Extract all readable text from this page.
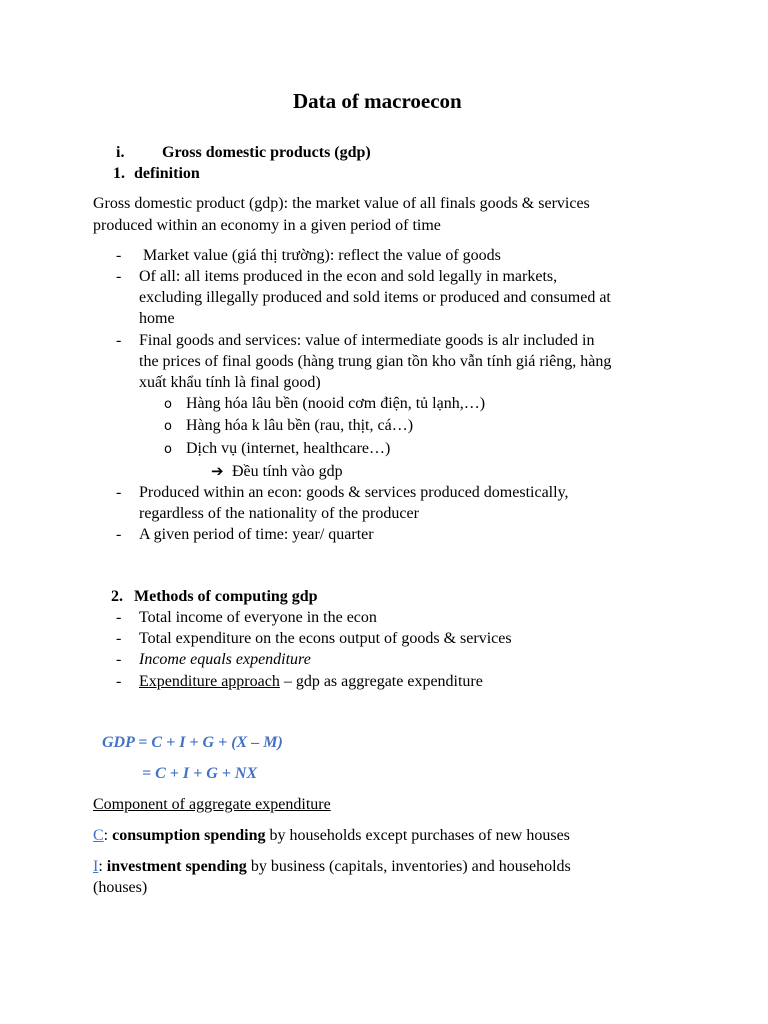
Data of macroecon
i. Gross domestic products (gdp)
1. definition
Gross domestic product (gdp): the market value of all finals goods & services
produced within an economy in a given period of time
-	Market value (giá thị trường): reflect the value of goods
-	Of all: all items produced in the econ and sold legally in markets,
excluding illegally produced and sold items or produced and consumed at
home
-	Final goods and services: value of intermediate goods is alr included in
the prices of final goods (hàng trung gian tồn kho vẫn tính giá riêng, hàng
xuất khẩu tính là final good)
o Hàng hóa lâu bền (nooid cơm điện, tủ lạnh,…)
o Hàng hóa k lâu bền (rau, thịt, cá…)
o Dịch vụ (internet, healthcare…)
➔ Đều tính vào gdp
-	Produced within an econ: goods & services produced domestically,
regardless of the nationality of the producer
-	A given period of time: year/ quarter
2. Methods of computing gdp
-	Total income of everyone in the econ
-	Total expenditure on the econs output of goods & services
-	Income equals expenditure
-	Expenditure approach – gdp as aggregate expenditure
GDP = C + I + G + (X – M)
= C + I + G + NX
Component of aggregate expenditure
C: consumption spending by households except purchases of new houses
I: investment spending by business (capitals, inventories) and households
(houses)
